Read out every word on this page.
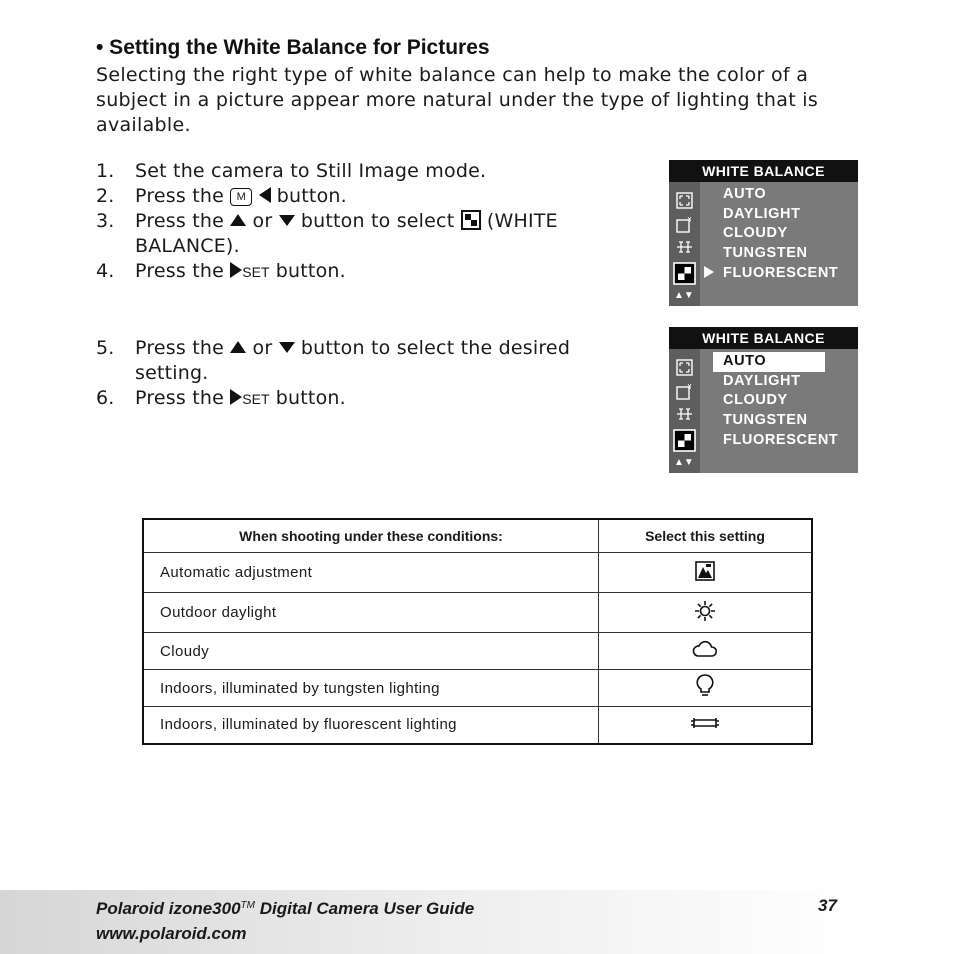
• Setting the White Balance for Pictures
Selecting the right type of white balance can help to make the color of a subject in a picture appear more natural under the type of lighting that is available.
1. Set the camera to Still Image mode.
2. Press the M button.
3. Press the or button to select (WHITE BALANCE).
4. Press the SET button.
5. Press the or button to select the desired setting.
6. Press the SET button.
WHITE BALANCE
AUTO
DAYLIGHT
CLOUDY
TUNGSTEN
FLUORESCENT
▲▼
WHITE BALANCE
AUTO
DAYLIGHT
CLOUDY
TUNGSTEN
FLUORESCENT
▲▼
When shooting under these conditions:	Select this setting
Automatic adjustment	
Outdoor daylight	
Cloudy	
Indoors, illuminated by tungsten lighting	
Indoors, illuminated by fluorescent lighting	
Polaroid izone300™ Digital Camera User Guide
www.polaroid.com
37
